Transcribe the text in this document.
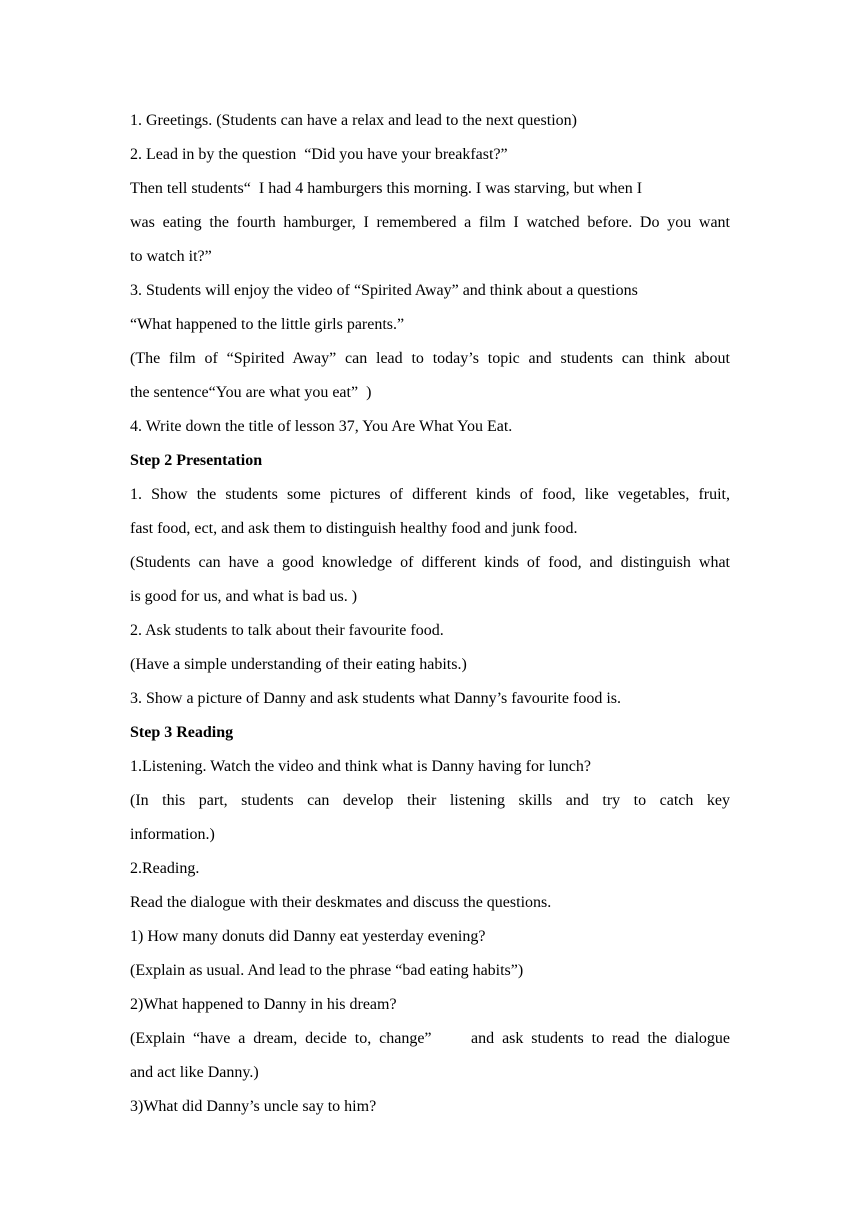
1. Greetings. (Students can have a relax and lead to the next question)
2. Lead in by the question  “Did you have your breakfast?”
Then tell students“  I had 4 hamburgers this morning. I was starving, but when I
was eating the fourth hamburger, I remembered a film I watched before. Do you want
to watch it?”
3. Students will enjoy the video of “Spirited Away” and think about a questions
“What happened to the little girls parents.”
(The film of “Spirited Away” can lead to today’s topic and students can think about
the sentence“You are what you eat”  )
4. Write down the title of lesson 37, You Are What You Eat.
Step 2 Presentation
1. Show the students some pictures of different kinds of food, like vegetables, fruit,
fast food, ect, and ask them to distinguish healthy food and junk food.
(Students can have a good knowledge of different kinds of food, and distinguish what
is good for us, and what is bad us. )
2. Ask students to talk about their favourite food.
(Have a simple understanding of their eating habits.)
3. Show a picture of Danny and ask students what Danny’s favourite food is.
Step 3 Reading
1.Listening. Watch the video and think what is Danny having for lunch?
(In this part, students can develop their listening skills and try to catch key
information.)
2.Reading.
Read the dialogue with their deskmates and discuss the questions.
1) How many donuts did Danny eat yesterday evening?
(Explain as usual. And lead to the phrase “bad eating habits”)
2)What happened to Danny in his dream?
(Explain “have a dream, decide to, change”     and ask students to read the dialogue
and act like Danny.)
3)What did Danny’s uncle say to him?
